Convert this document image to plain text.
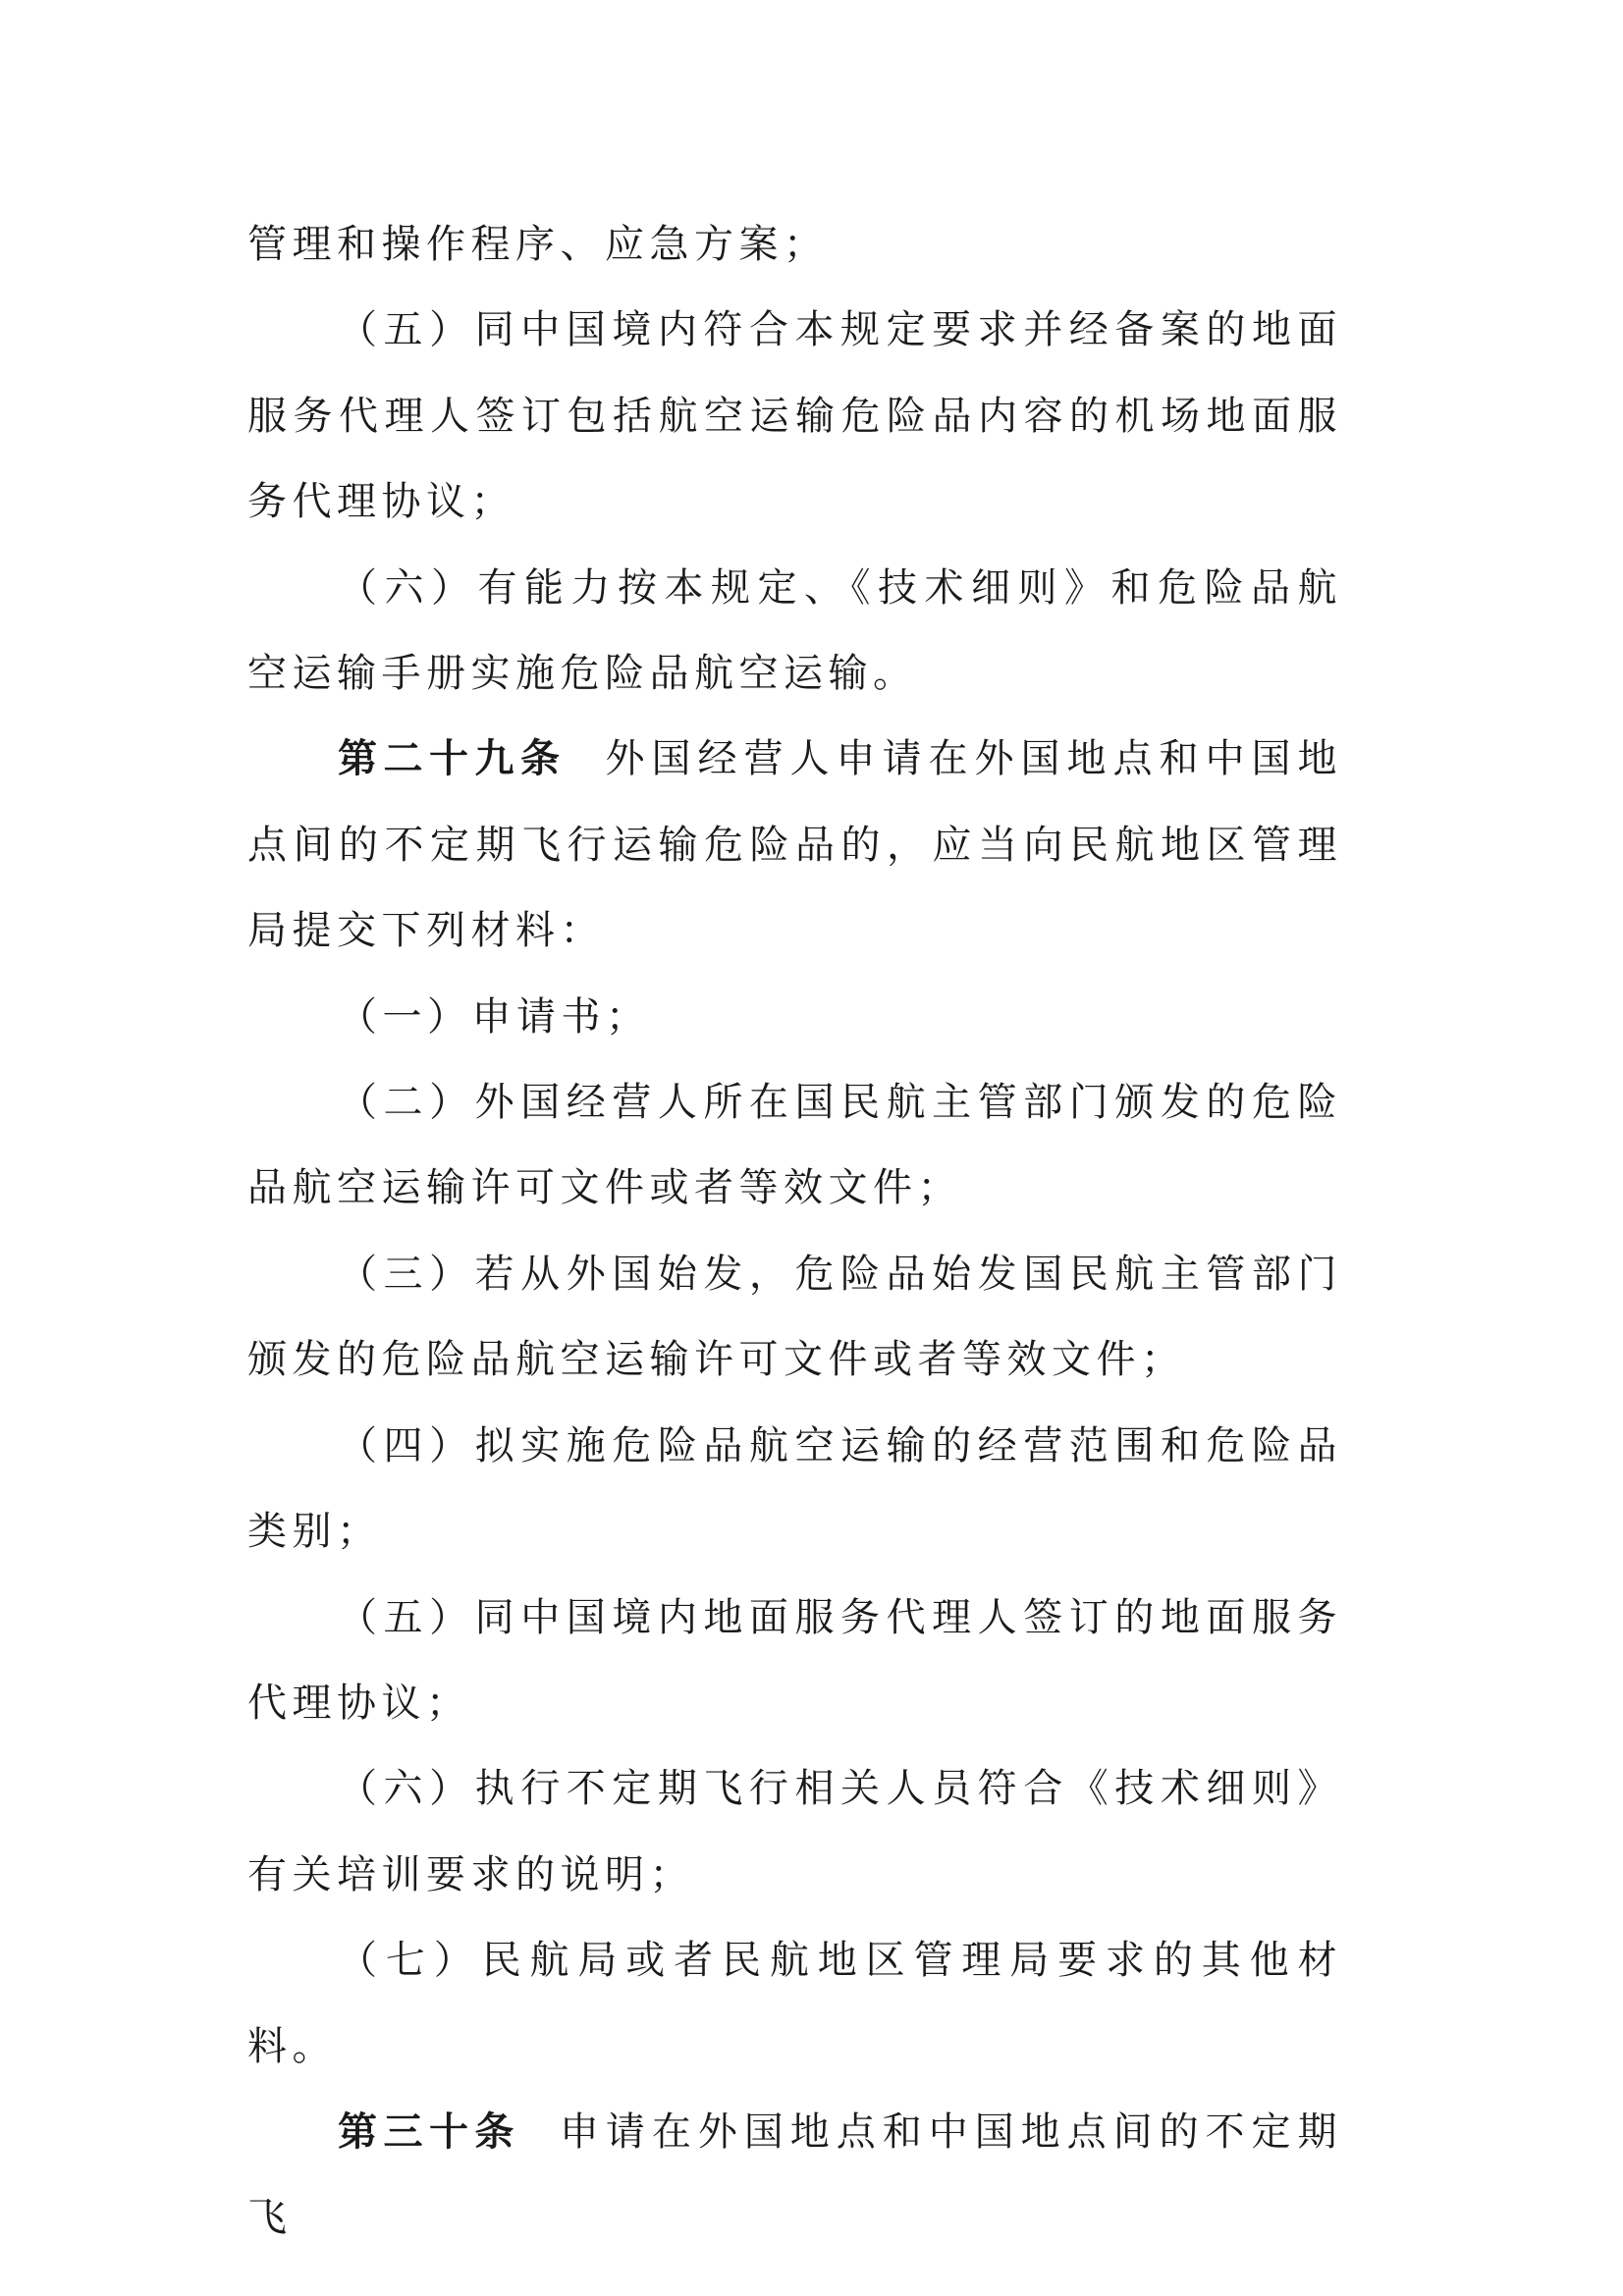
管理和操作程序、应急方案；

（五）同中国境内符合本规定要求并经备案的地面服务代理人签订包括航空运输危险品内容的机场地面服务代理协议；

（六）有能力按本规定、《技术细则》和危险品航空运输手册实施危险品航空运输。

第二十九条 外国经营人申请在外国地点和中国地点间的不定期飞行运输危险品的，应当向民航地区管理局提交下列材料：

（一）申请书；

（二）外国经营人所在国民航主管部门颁发的危险品航空运输许可文件或者等效文件；

（三）若从外国始发，危险品始发国民航主管部门颁发的危险品航空运输许可文件或者等效文件；

（四）拟实施危险品航空运输的经营范围和危险品类别；

（五）同中国境内地面服务代理人签订的地面服务代理协议；

（六）执行不定期飞行相关人员符合《技术细则》有关培训要求的说明；

（七）民航局或者民航地区管理局要求的其他材料。

第三十条 申请在外国地点和中国地点间的不定期飞
